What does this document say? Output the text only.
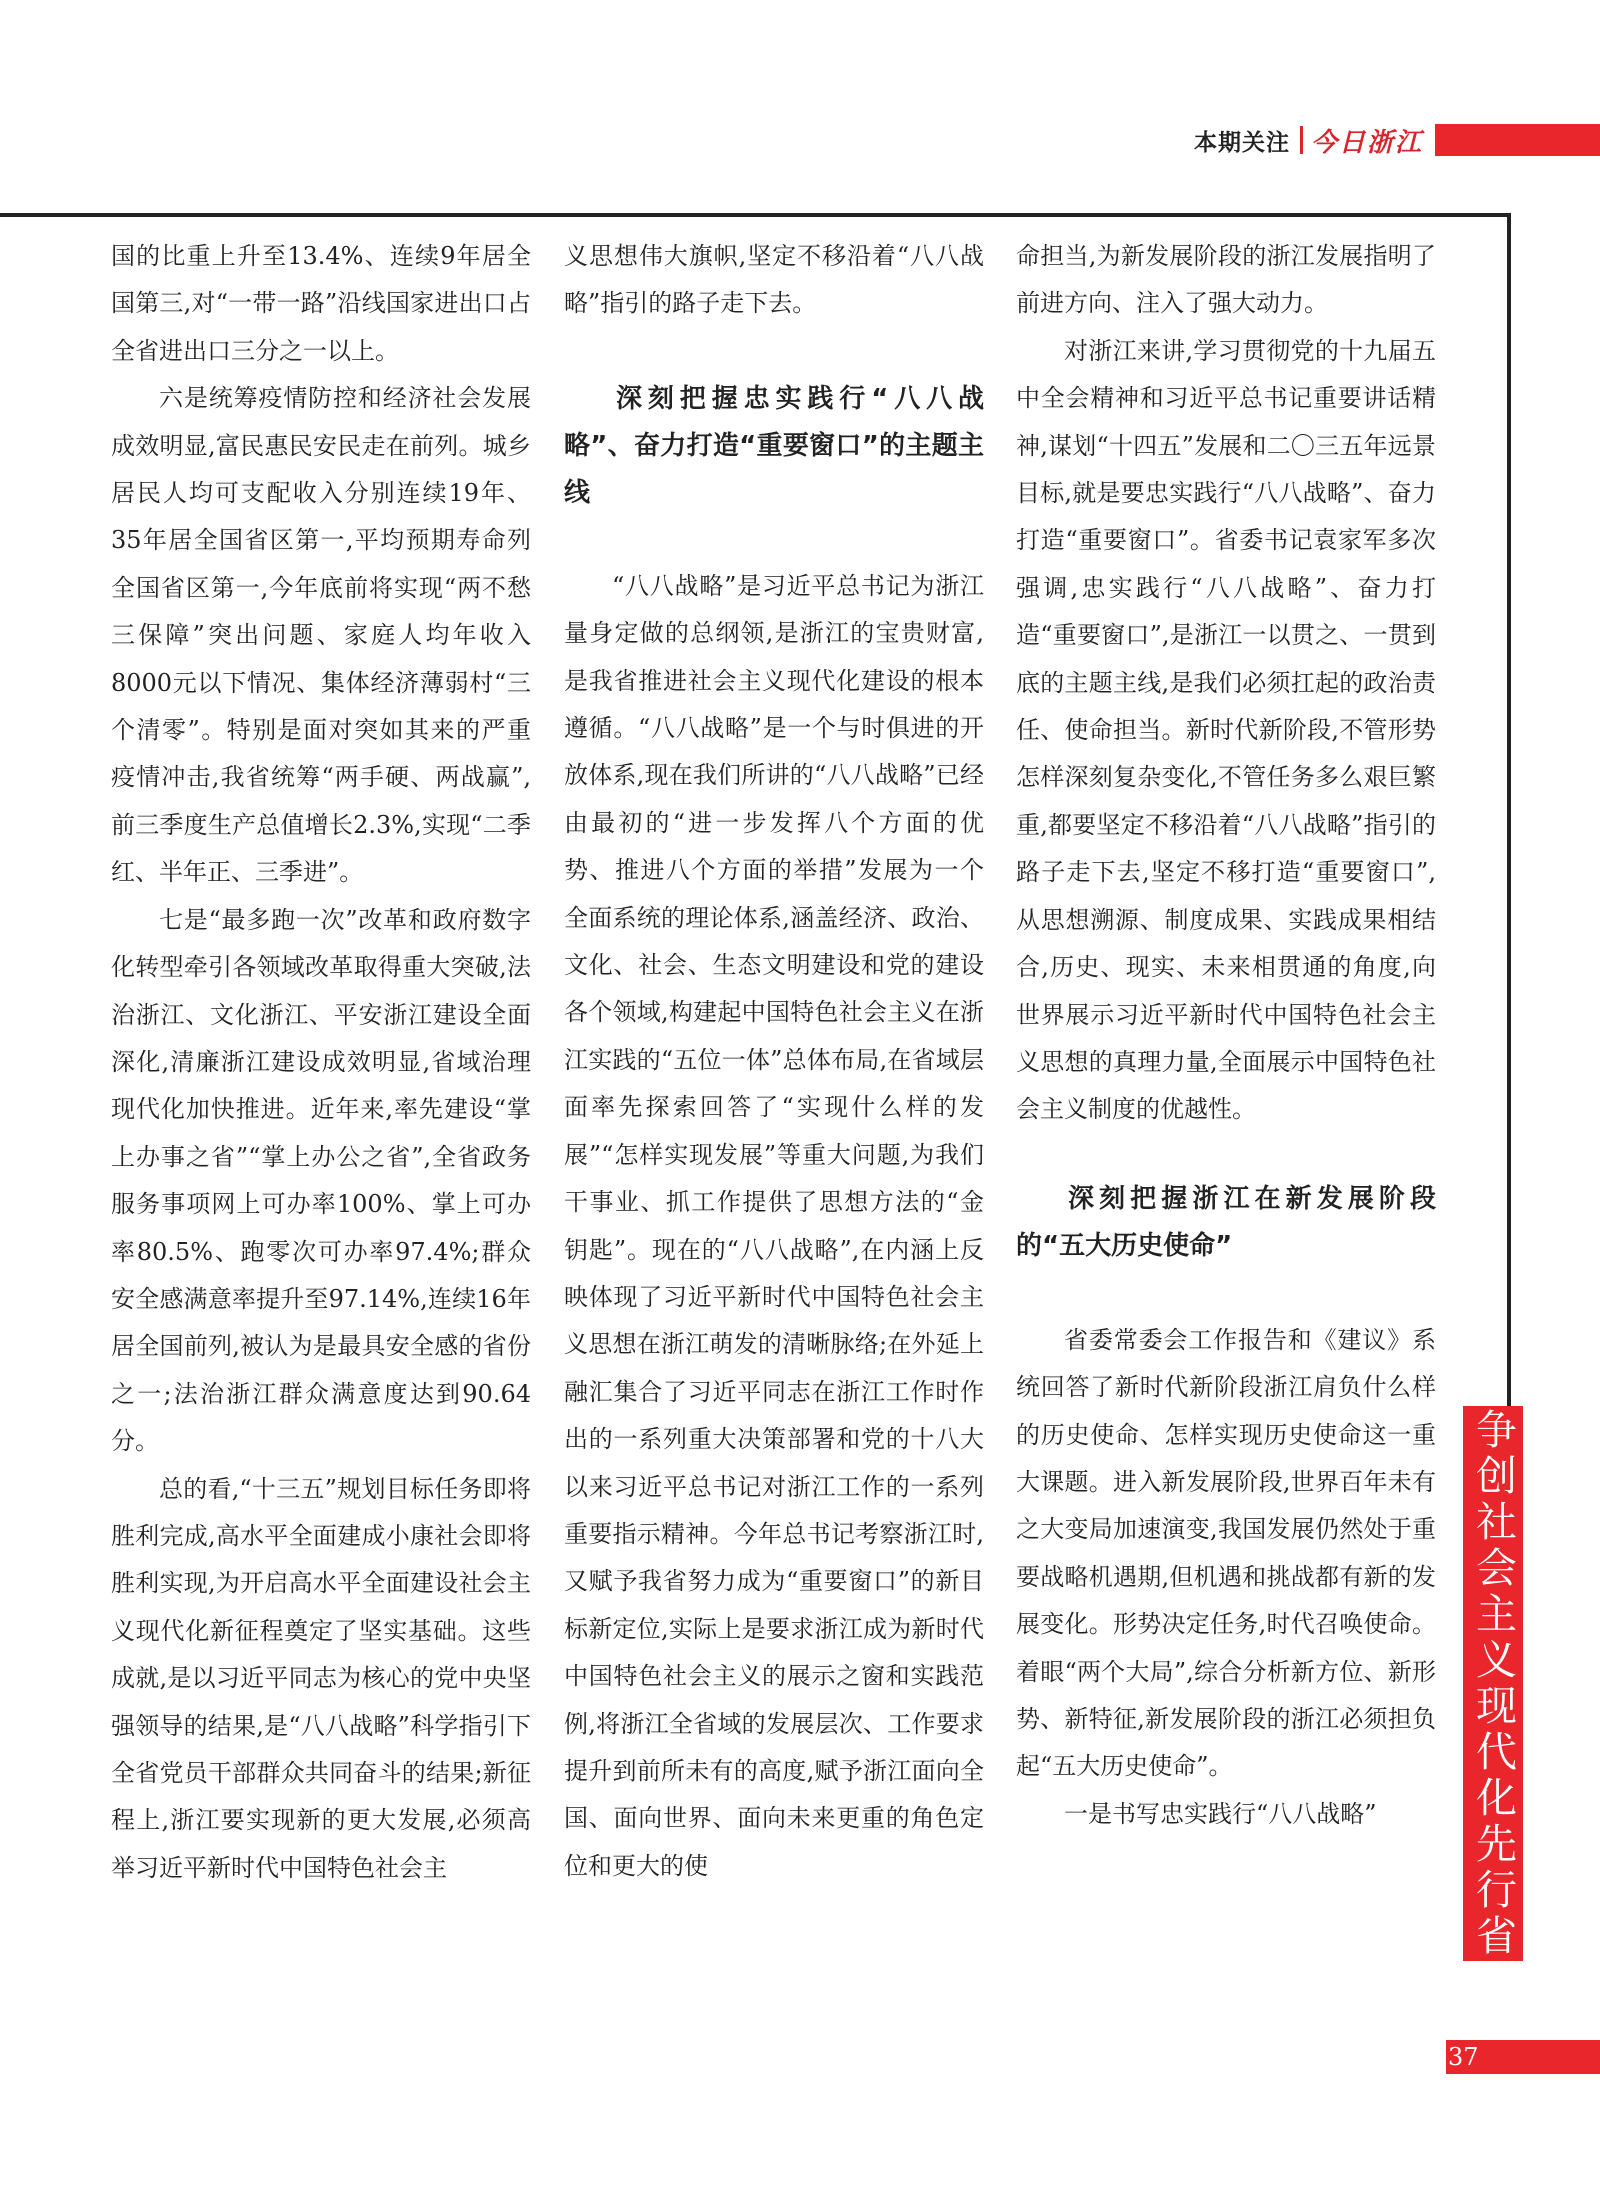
本期关注 今日浙江

国的比重上升至13.4%、连续9年居全国第三,对“一带一路”沿线国家进出口占全省进出口三分之一以上。

六是统筹疫情防控和经济社会发展成效明显,富民惠民安民走在前列。城乡居民人均可支配收入分别连续19年、35年居全国省区第一,平均预期寿命列全国省区第一,今年底前将实现“两不愁三保障”突出问题、家庭人均年收入8000元以下情况、集体经济薄弱村“三个清零”。特别是面对突如其来的严重疫情冲击,我省统筹“两手硬、两战赢”,前三季度生产总值增长2.3%,实现“二季红、半年正、三季进”。

七是“最多跑一次”改革和政府数字化转型牵引各领域改革取得重大突破,法治浙江、文化浙江、平安浙江建设全面深化,清廉浙江建设成效明显,省域治理现代化加快推进。近年来,率先建设“掌上办事之省”“掌上办公之省”,全省政务服务事项网上可办率100%、掌上可办率80.5%、跑零次可办率97.4%;群众安全感满意率提升至97.14%,连续16年居全国前列,被认为是最具安全感的省份之一;法治浙江群众满意度达到90.64分。

总的看,“十三五”规划目标任务即将胜利完成,高水平全面建成小康社会即将胜利实现,为开启高水平全面建设社会主义现代化新征程奠定了坚实基础。这些成就,是以习近平同志为核心的党中央坚强领导的结果,是“八八战略”科学指引下全省党员干部群众共同奋斗的结果;新征程上,浙江要实现新的更大发展,必须高举习近平新时代中国特色社会主

义思想伟大旗帜,坚定不移沿着“八八战略”指引的路子走下去。

深刻把握忠实践行“八八战略”、奋力打造“重要窗口”的主题主线

“八八战略”是习近平总书记为浙江量身定做的总纲领,是浙江的宝贵财富,是我省推进社会主义现代化建设的根本遵循。“八八战略”是一个与时俱进的开放体系,现在我们所讲的“八八战略”已经由最初的“进一步发挥八个方面的优势、推进八个方面的举措”发展为一个全面系统的理论体系,涵盖经济、政治、文化、社会、生态文明建设和党的建设各个领域,构建起中国特色社会主义在浙江实践的“五位一体”总体布局,在省域层面率先探索回答了“实现什么样的发展”“怎样实现发展”等重大问题,为我们干事业、抓工作提供了思想方法的“金钥匙”。现在的“八八战略”,在内涵上反映体现了习近平新时代中国特色社会主义思想在浙江萌发的清晰脉络;在外延上融汇集合了习近平同志在浙江工作时作出的一系列重大决策部署和党的十八大以来习近平总书记对浙江工作的一系列重要指示精神。今年总书记考察浙江时,又赋予我省努力成为“重要窗口”的新目标新定位,实际上是要求浙江成为新时代中国特色社会主义的展示之窗和实践范例,将浙江全省域的发展层次、工作要求提升到前所未有的高度,赋予浙江面向全国、面向世界、面向未来更重的角色定位和更大的使

命担当,为新发展阶段的浙江发展指明了前进方向、注入了强大动力。

对浙江来讲,学习贯彻党的十九届五中全会精神和习近平总书记重要讲话精神,谋划“十四五”发展和二〇三五年远景目标,就是要忠实践行“八八战略”、奋力打造“重要窗口”。省委书记袁家军多次强调,忠实践行“八八战略”、奋力打造“重要窗口”,是浙江一以贯之、一贯到底的主题主线,是我们必须扛起的政治责任、使命担当。新时代新阶段,不管形势怎样深刻复杂变化,不管任务多么艰巨繁重,都要坚定不移沿着“八八战略”指引的路子走下去,坚定不移打造“重要窗口”,从思想溯源、制度成果、实践成果相结合,历史、现实、未来相贯通的角度,向世界展示习近平新时代中国特色社会主义思想的真理力量,全面展示中国特色社会主义制度的优越性。

深刻把握浙江在新发展阶段的“五大历史使命”

省委常委会工作报告和《建议》系统回答了新时代新阶段浙江肩负什么样的历史使命、怎样实现历史使命这一重大课题。进入新发展阶段,世界百年未有之大变局加速演变,我国发展仍然处于重要战略机遇期,但机遇和挑战都有新的发展变化。形势决定任务,时代召唤使命。着眼“两个大局”,综合分析新方位、新形势、新特征,新发展阶段的浙江必须担负起“五大历史使命”。

一是书写忠实践行“八八战略”	争创社会主义现代化先行省
37
